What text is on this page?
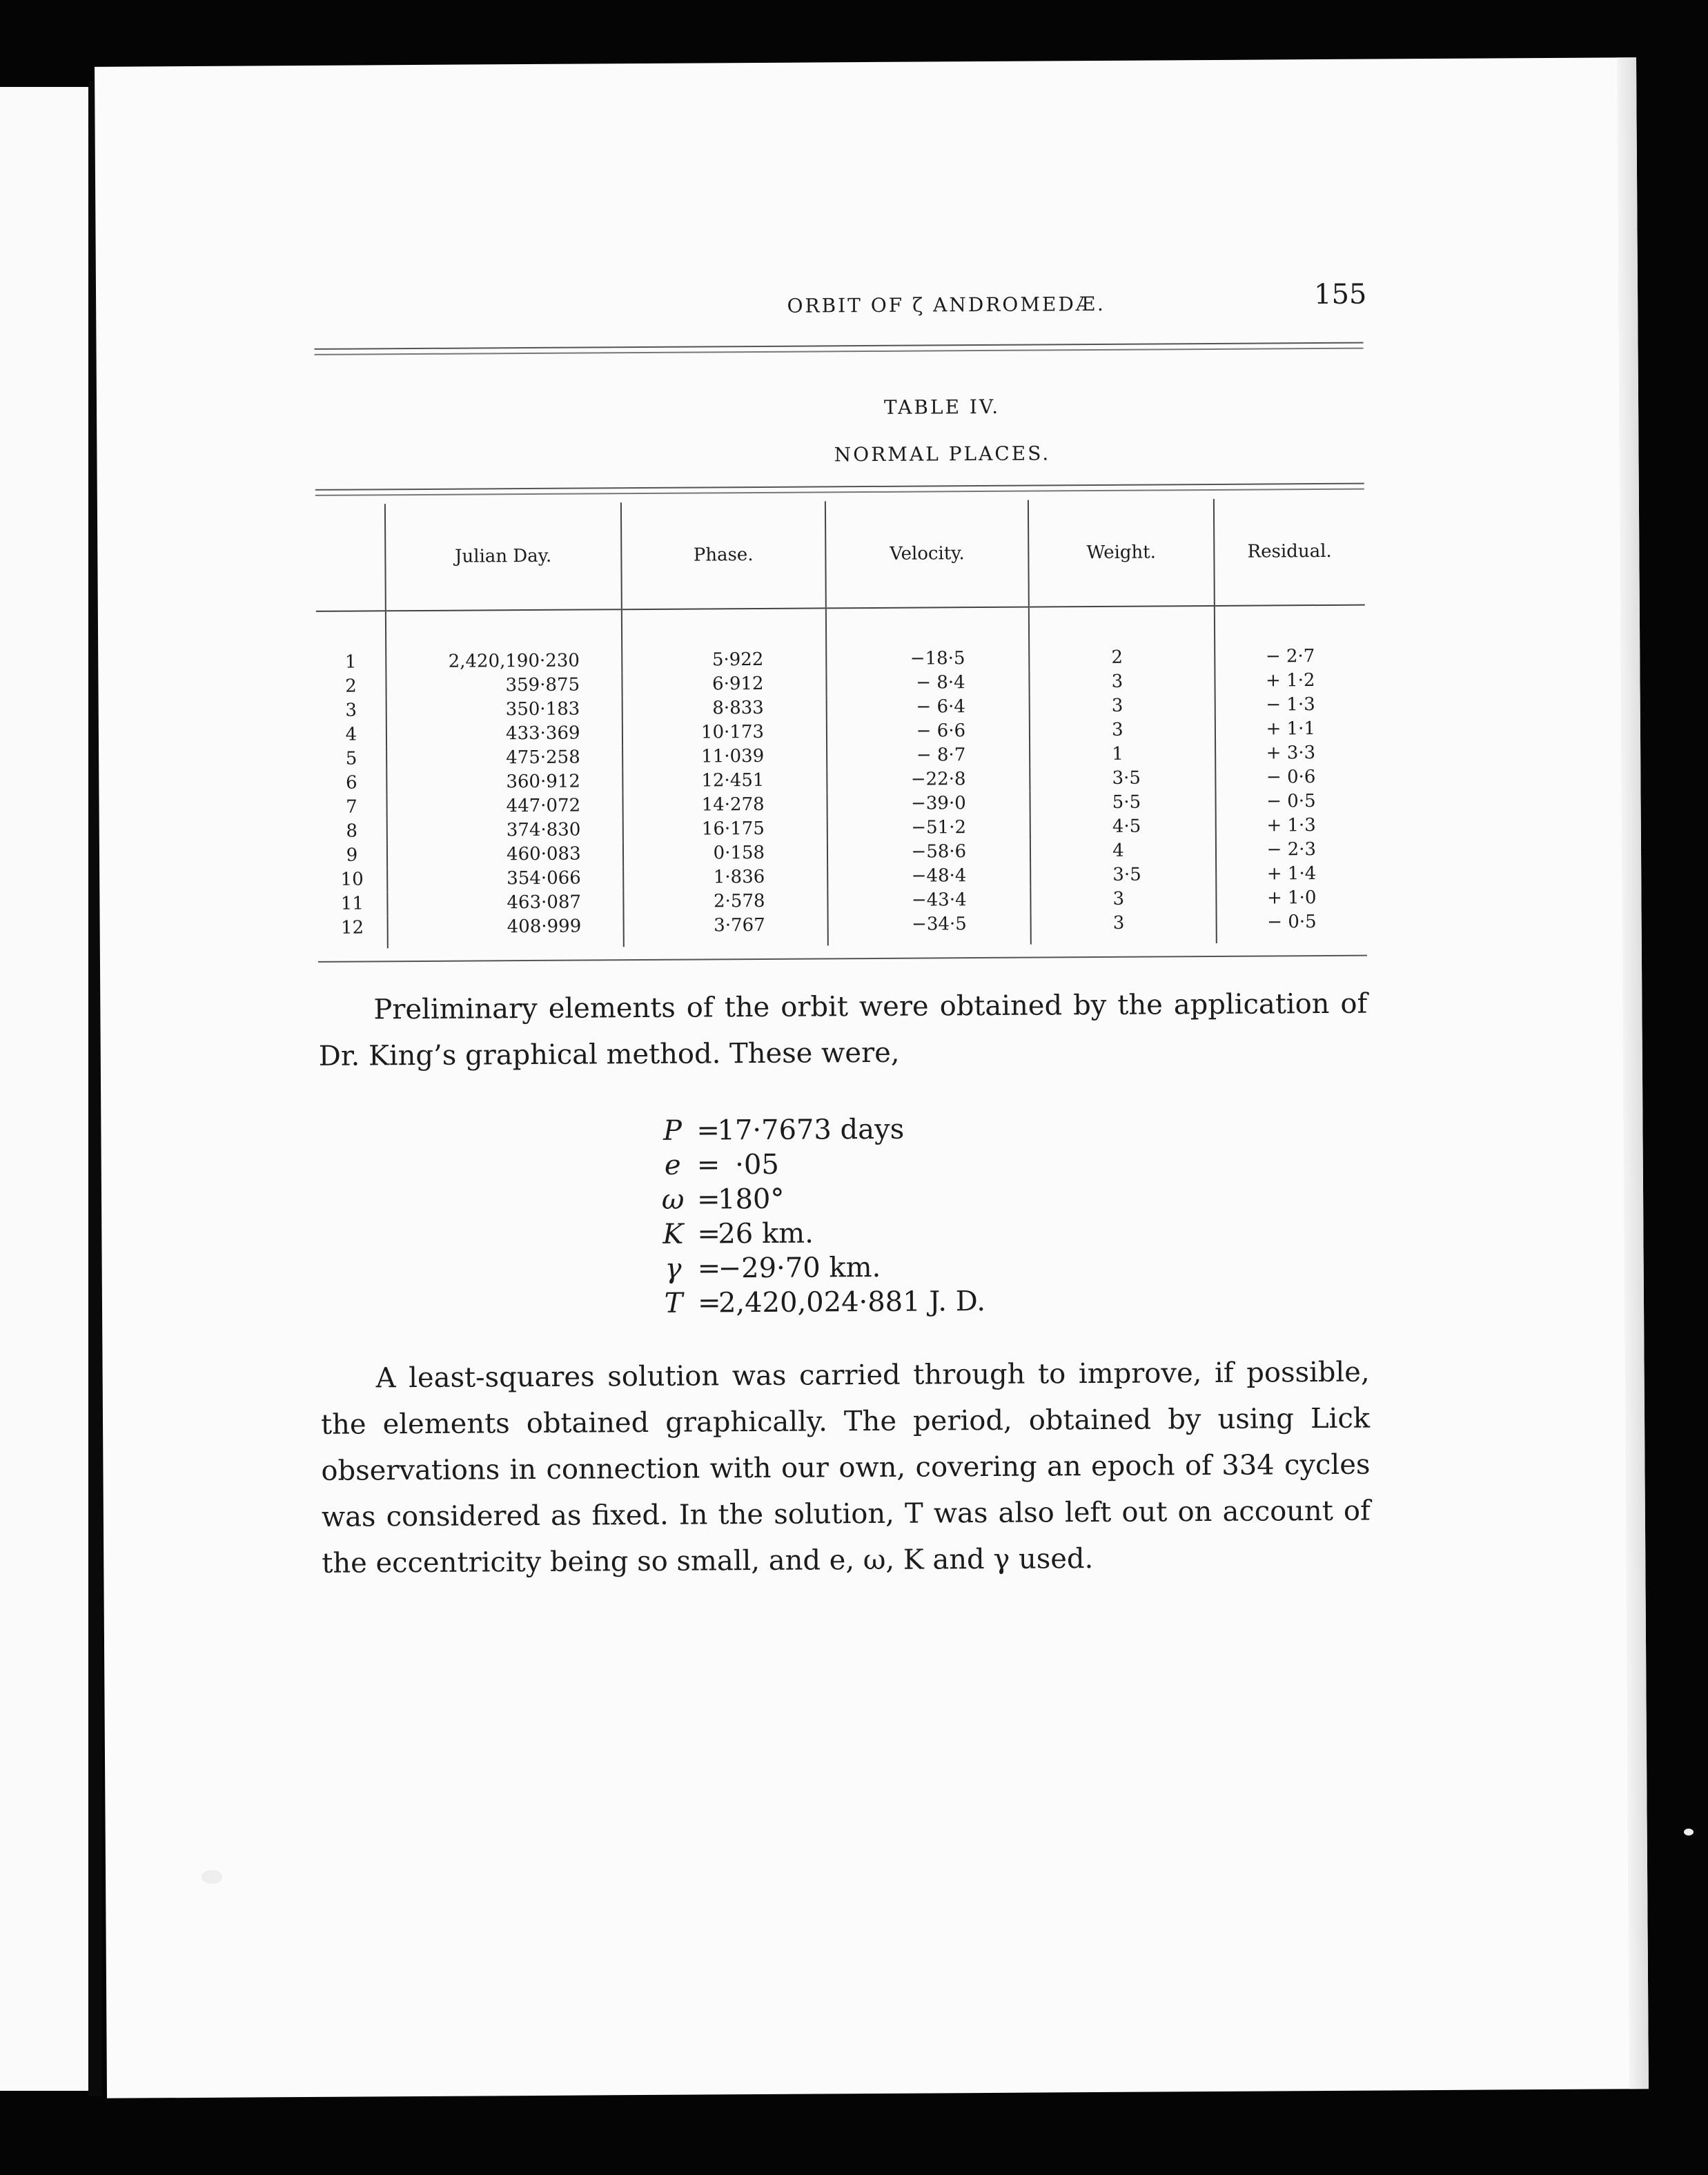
ORBIT OF ζ ANDROMEDÆ.	155
TABLE IV.
NORMAL PLACES.
	Julian Day.	Phase.	Velocity.	Weight.	Residual.
1	2,420,190·230	5·922	−18·5	2	− 2·7
2	359·875	6·912	− 8·4	3	+ 1·2
3	350·183	8·833	− 6·4	3	− 1·3
4	433·369	10·173	− 6·6	3	+ 1·1
5	475·258	11·039	− 8·7	1	+ 3·3
6	360·912	12·451	−22·8	3·5	− 0·6
7	447·072	14·278	−39·0	5·5	− 0·5
8	374·830	16·175	−51·2	4·5	+ 1·3
9	460·083	0·158	−58·6	4	− 2·3
10	354·066	1·836	−48·4	3·5	+ 1·4
11	463·087	2·578	−43·4	3	+ 1·0
12	408·999	3·767	−34·5	3	− 0·5

Preliminary elements of the orbit were obtained by the application of Dr. King’s graphical method. These were,

P =17·7673 days
e =  ·05
ω =180°
K =26 km.
γ =−29·70 km.
T =2,420,024·881 J. D.

A least-squares solution was carried through to improve, if possible, the elements obtained graphically. The period, obtained by using Lick observations in connection with our own, covering an epoch of 334 cycles was considered as fixed. In the solution, T was also left out on account of the eccentricity being so small, and e, ω, K and γ used.
